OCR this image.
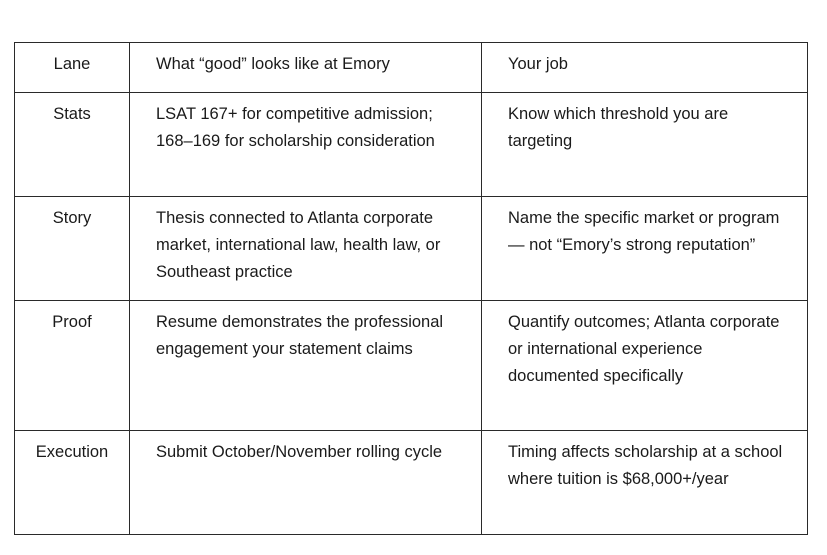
Lane	What “good” looks like at Emory	Your job
Stats	LSAT 167+ for competitive admission; 168–169 for scholarship consideration	Know which threshold you are targeting
Story	Thesis connected to Atlanta corporate market, international law, health law, or Southeast practice	Name the specific market or program — not “Emory’s strong reputation”
Proof	Resume demonstrates the professional engagement your statement claims	Quantify outcomes; Atlanta corporate or international experience documented specifically
Execution	Submit October/November rolling cycle	Timing affects scholarship at a school where tuition is $68,000+/year
